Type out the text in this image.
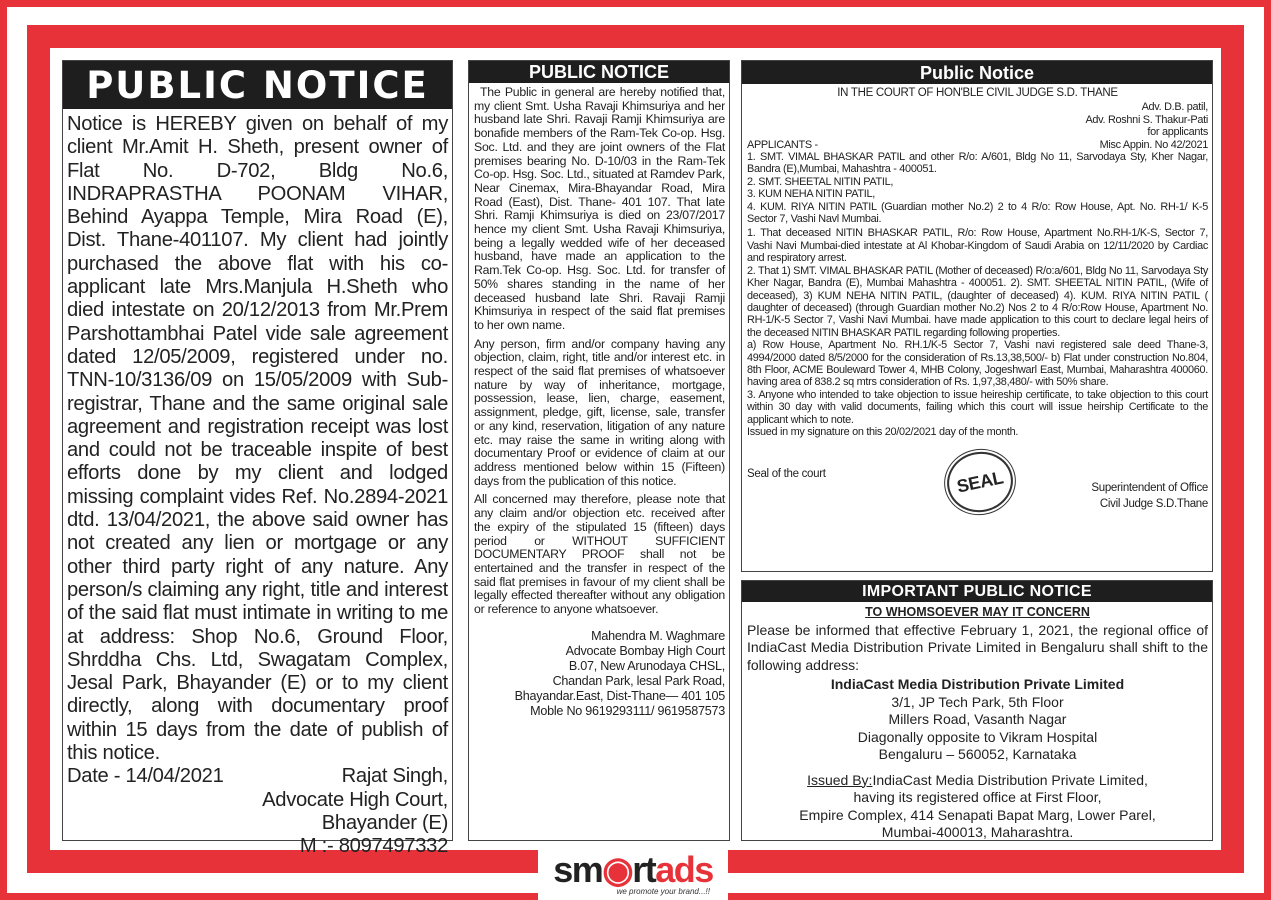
PUBLIC NOTICE
Notice is HEREBY given on behalf of my client Mr.Amit H. Sheth, present owner of Flat No. D-702, Bldg No.6, INDRAPRASTHA POONAM VIHAR, Behind Ayappa Temple, Mira Road (E), Dist. Thane-401107. My client had jointly purchased the above flat with his co-applicant late Mrs.Manjula H.Sheth who died intestate on 20/12/2013 from Mr.Prem Parshottambhai Patel vide sale agreement dated 12/05/2009, registered under no. TNN-10/3136/09 on 15/05/2009 with Sub-registrar, Thane and the same original sale agreement and registration receipt was lost and could not be traceable inspite of best efforts done by my client and lodged missing complaint vides Ref. No.2894-2021 dtd. 13/04/2021, the above said owner has not created any lien or mortgage or any other third party right of any nature. Any person/s claiming any right, title and interest of the said flat must intimate in writing to me at address: Shop No.6, Ground Floor, Shrddha Chs. Ltd, Swagatam Complex, Jesal Park, Bhayander (E) or to my client directly, along with documentary proof within 15 days from the date of publish of this notice.
Date - 14/04/2021	Rajat Singh,
Advocate High Court,
Bhayander (E)
M :- 8097497332
PUBLIC NOTICE

The Public in general are hereby notified that, my client Smt. Usha Ravaji Khimsuriya and her husband late Shri. Ravaji Ramji Khimsuriya are bonafide members of the Ram-Tek Co-op. Hsg. Soc. Ltd. and they are joint owners of the Flat premises bearing No. D-10/03 in the Ram-Tek Co-op. Hsg. Soc. Ltd., situated at Ramdev Park, Near Cinemax, Mira-Bhayandar Road, Mira Road (East), Dist. Thane- 401 107. That late Shri. Ramji Khimsuriya is died on 23/07/2017 hence my client Smt. Usha Ravaji Khimsuriya, being a legally wedded wife of her deceased husband, have made an application to the Ram.Tek Co-op. Hsg. Soc. Ltd. for transfer of 50% shares standing in the name of her deceased husband late Shri. Ravaji Ramji Khimsuriya in respect of the said flat premises to her own name.

Any person, firm and/or company having any objection, claim, right, title and/or interest etc. in respect of the said flat premises of whatsoever nature by way of inheritance, mortgage, possession, lease, lien, charge, easement, assignment, pledge, gift, license, sale, transfer or any kind, reservation, litigation of any nature etc. may raise the same in writing along with documentary Proof or evidence of claim at our address mentioned below within 15 (Fifteen) days from the publication of this notice.

All concerned may therefore, please note that any claim and/or objection etc. received after the expiry of the stipulated 15 (fifteen) days period or WITHOUT SUFFICIENT DOCUMENTARY PROOF shall not be entertained and the transfer in respect of the said flat premises in favour of my client shall be legally effected thereafter without any obligation or reference to anyone whatsoever.

Mahendra M. Waghmare
Advocate Bombay High Court
B.07, New Arunodaya CHSL,
Chandan Park, lesal Park Road,
Bhayandar.East, Dist-Thane— 401 105
Moble No 9619293111/ 9619587573
Public Notice
IN THE COURT OF HON'BLE CIVIL JUDGE S.D. THANE
Adv. D.B. patil,
Adv. Roshni S. Thakur-Pati
for applicants
APPLICANTS -	Misc Appin. No 42/2021

1. SMT. VIMAL BHASKAR PATIL and other R/o: A/601, Bldg No 11, Sarvodaya Sty, Kher Nagar, Bandra (E),Mumbai, Mahashtra - 400051.

2. SMT. SHEETAL NITIN PATIL,

3. KUM NEHA NITIN PATIL,

4. KUM. RIYA NITIN PATIL (Guardian mother No.2) 2 to 4 R/o: Row House, Apt. No. RH-1/ K-5 Sector 7, Vashi Navl Mumbai.

1. That deceased NITIN BHASKAR PATIL, R/o: Row House, Apartment No.RH-1/K-S, Sector 7, Vashi Navi Mumbai-died intestate at Al Khobar-Kingdom of Saudi Arabia on 12/11/2020 by Cardiac and respiratory arrest.

2. That 1) SMT. VIMAL BHASKAR PATIL (Mother of deceased) R/o:a/601, Bldg No 11, Sarvodaya Sty Kher Nagar, Bandra (E), Mumbai Mahashtra - 400051. 2). SMT. SHEETAL NITIN PATIL, (Wife of deceased), 3) KUM NEHA NITIN PATIL, (daughter of deceased) 4). KUM. RIYA NITIN PATIL ( daughter of deceased) (through Guardian mother No.2) Nos 2 to 4 R/o:Row House, Apartment No. RH-1/K-5 Sector 7, Vashi Navi Mumbai. have made application to this court to declare legal heirs of the deceased NITIN BHASKAR PATIL regarding following properties.

a) Row House, Apartment No. RH.1/K-5 Sector 7, Vashi navi registered sale deed Thane-3, 4994/2000 dated 8/5/2000 for the consideration of Rs.13,38,500/- b) Flat under construction No.804, 8th Floor, ACME Bouleward Tower 4, MHB Colony, Jogeshwarl East, Mumbai, Maharashtra 400060. having area of 838.2 sq mtrs consideration of Rs. 1,97,38,480/- with 50% share.

3. Anyone who intended to take objection to issue heireship certificate, to take objection to this court within 30 day with valid documents, failing which this court will issue heirship Certificate to the applicant which to note.

Issued in my signature on this 20/02/2021 day of the month.

Seal of the court	SEAL	Superintendent of Office
Civil Judge S.D.Thane
IMPORTANT PUBLIC NOTICE
TO WHOMSOEVER MAY IT CONCERN
Please be informed that effective February 1, 2021, the regional office of IndiaCast Media Distribution Private Limited in Bengaluru shall shift to the following address:
IndiaCast Media Distribution Private Limited
3/1, JP Tech Park, 5th Floor
Millers Road, Vasanth Nagar
Diagonally opposite to Vikram Hospital
Bengaluru – 560052, Karnataka
Issued By:IndiaCast Media Distribution Private Limited,
having its registered office at First Floor,
Empire Complex, 414 Senapati Bapat Marg, Lower Parel,
Mumbai-400013, Maharashtra.
sm◉rtads
we promote your brand...!!
